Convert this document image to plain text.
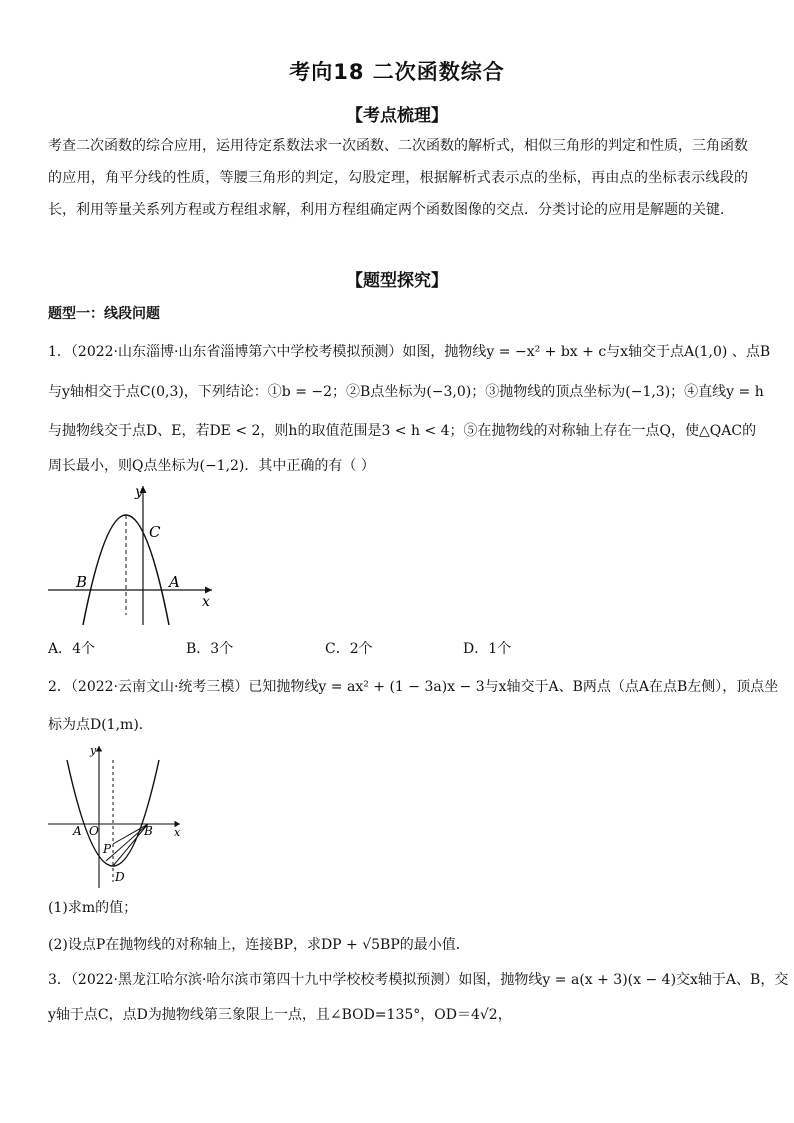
考向18 二次函数综合
【考点梳理】
考查二次函数的综合应用，运用待定系数法求一次函数、二次函数的解析式，相似三角形的判定和性质，三角函数的应用，角平分线的性质，等腰三角形的判定，勾股定理，根据解析式表示点的坐标，再由点的坐标表示线段的长，利用等量关系列方程或方程组求解，利用方程组确定两个函数图像的交点．分类讨论的应用是解题的关键．
【题型探究】
题型一：线段问题
1．（2022·山东淄博·山东省淄博第六中学校考模拟预测）如图，抛物线y = −x² + bx + c与x轴交于点A(1,0) 、点B
与y轴相交于点C(0,3)，下列结论：①b = −2；②B点坐标为(−3,0)；③抛物线的顶点坐标为(−1,3)；④直线y = h
与抛物线交于点D、E，若DE < 2，则h的取值范围是3 < h < 4；⑤在抛物线的对称轴上存在一点Q，使△QAC的
周长最小，则Q点坐标为(−1,2)．其中正确的有（ ）
y
x
C
B	A
A．4个	B．3个	C．2个	D．1个
2．（2022·云南文山·统考三模）已知抛物线y = ax² + (1 − 3a)x − 3与x轴交于A、B两点（点A在点B左侧），顶点坐
标为点D(1,m)．
y
x
A O	B
P
D
(1)求m的值；
(2)设点P在抛物线的对称轴上，连接BP，求DP + √5BP的最小值．
3．（2022·黑龙江哈尔滨·哈尔滨市第四十九中学校校考模拟预测）如图，抛物线y = a(x + 3)(x − 4)交x轴于A、B，交
y轴于点C，点D为抛物线第三象限上一点，且∠BOD=135°，OD＝4√2，
